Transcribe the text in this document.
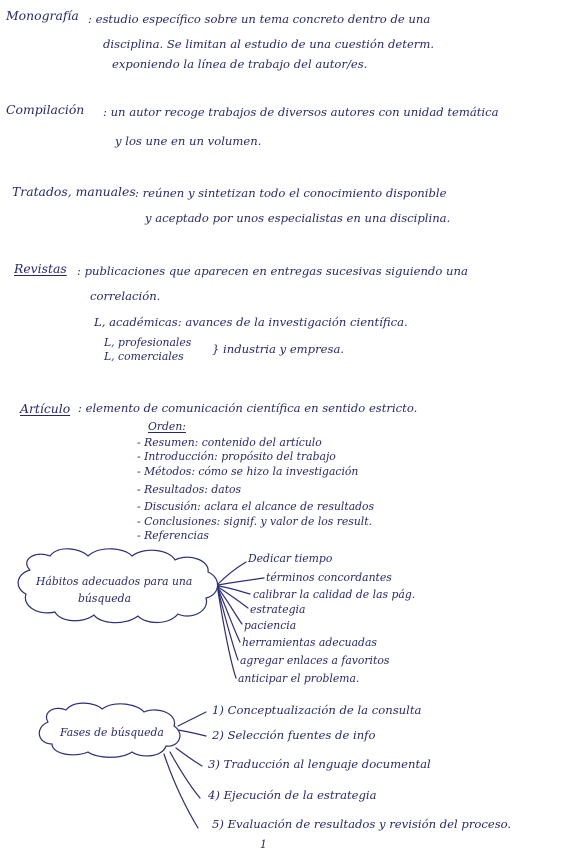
Monografía : estudio específico sobre un tema concreto dentro de una
disciplina. Se limitan al estudio de una cuestión determ.
exponiendo la línea de trabajo del autor/es.
Compilación : un autor recoge trabajos de diversos autores con unidad temática
y los une en un volumen.
Tratados, manuales : reúnen y sintetizan todo el conocimiento disponible
y aceptado por unos especialistas en una disciplina.
Revistas : publicaciones que aparecen en entregas sucesivas siguiendo una
correlación.
L, académicas: avances de la investigación científica.
L, profesionales
L, comerciales
} industria y empresa.
Artículo : elemento de comunicación científica en sentido estricto.
Orden:
- Resumen: contenido del artículo
- Introducción: propósito del trabajo
- Métodos: cómo se hizo la investigación
- Resultados: datos
- Discusión: aclara el alcance de resultados
- Conclusiones: signif. y valor de los result.
- Referencias
Hábitos adecuados para una
búsqueda
Dedicar tiempo
términos concordantes
calibrar la calidad de las pág.
estrategia
paciencia
herramientas adecuadas
agregar enlaces a favoritos
anticipar el problema.
Fases de búsqueda
1) Conceptualización de la consulta
2) Selección fuentes de info
3) Traducción al lenguaje documental
4) Ejecución de la estrategia
5) Evaluación de resultados y revisión del proceso.
1
